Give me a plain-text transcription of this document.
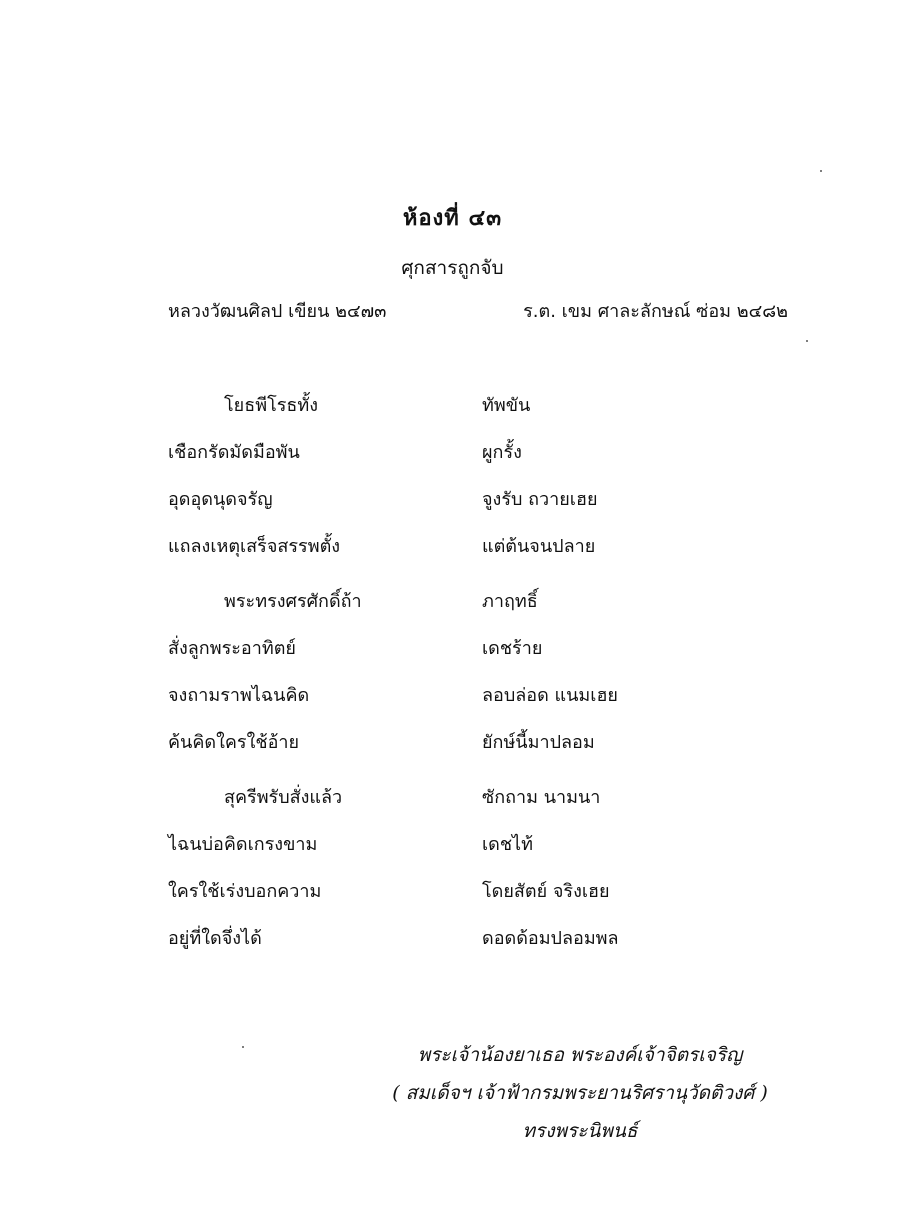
ห้องที่ ๔๓
ศุกสารถูกจับ
หลวงวัฒนศิลป เขียน ๒๔๗๓	ร.ต. เขม ศาละลักษณ์ ซ่อม ๒๔๘๒
โยธพีโรธทั้ง	ทัพขัน
เชือกรัดมัดมือพัน	ผูกรั้ง
อุดอุดนุดจรัญ	จูงรับ ถวายเฮย
แถลงเหตุเสร็จสรรพตั้ง	แต่ต้นจนปลาย
พระทรงศรศักดิ์ถ้า	ภาฤทธิ์
สั่งลูกพระอาทิตย์	เดชร้าย
จงถามราพไฉนคิด	ลอบล่อด แนมเฮย
ค้นคิดใครใช้อ้าย	ยักษ์นี้มาปลอม
สุครีพรับสั่งแล้ว	ซักถาม นามนา
ไฉนบ่อคิดเกรงขาม	เดชไท้
ใครใช้เร่งบอกความ	โดยสัตย์ จริงเฮย
อยู่ที่ใดจึ่งได้	ดอดด้อมปลอมพล
พระเจ้าน้องยาเธอ พระองค์เจ้าจิตรเจริญ
( สมเด็จฯ เจ้าฟ้ากรมพระยานริศรานุวัดติวงศ์ )
ทรงพระนิพนธ์
